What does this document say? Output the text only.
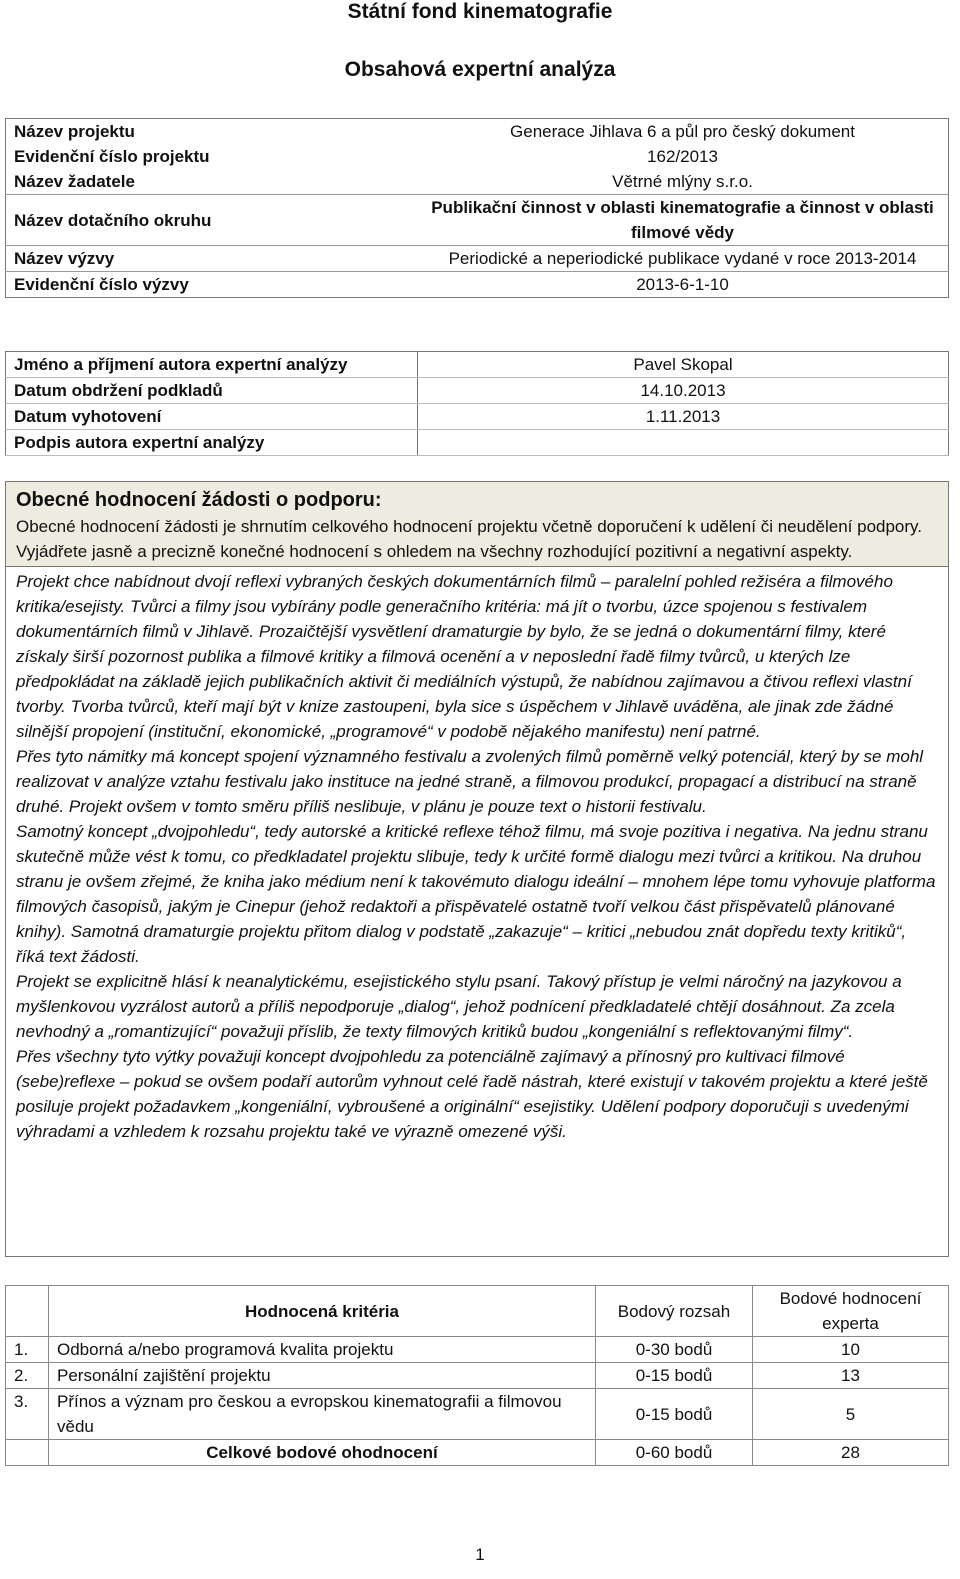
Státní fond kinematografie
Obsahová expertní analýza
Název projektu	Generace Jihlava 6 a půl pro český dokument
Evidenční číslo projektu	162/2013
Název žadatele	Větrné mlýny s.r.o.
Název dotačního okruhu	Publikační činnost v oblasti kinematografie a činnost v oblasti filmové vědy
Název výzvy	Periodické a neperiodické publikace vydané v roce 2013-2014
Evidenční číslo výzvy	2013-6-1-10
Jméno a příjmení autora expertní analýzy	Pavel Skopal
Datum obdržení podkladů	14.10.2013
Datum vyhotovení	1.11.2013
Podpis autora expertní analýzy	
Obecné hodnocení žádosti o podporu:
Obecné hodnocení žádosti je shrnutím celkového hodnocení projektu včetně doporučení k udělení či neudělení podpory. Vyjádřete jasně a precizně konečné hodnocení s ohledem na všechny rozhodující pozitivní a negativní aspekty.

Projekt chce nabídnout dvojí reflexi vybraných českých dokumentárních filmů – paralelní pohled režiséra a filmového kritika/esejisty. Tvůrci a filmy jsou vybírány podle generačního kritéria: má jít o tvorbu, úzce spojenou s festivalem dokumentárních filmů v Jihlavě. Prozaičtější vysvětlení dramaturgie by bylo, že se jedná o dokumentární filmy, které získaly širší pozornost publika a filmové kritiky a filmová ocenění a v neposlední řadě filmy tvůrců, u kterých lze předpokládat na základě jejich publikačních aktivit či mediálních výstupů, že nabídnou zajímavou a čtivou reflexi vlastní tvorby. Tvorba tvůrců, kteří mají být v knize zastoupeni, byla sice s úspěchem v Jihlavě uváděna, ale jinak zde žádné silnější propojení (instituční, ekonomické, „programové“ v podobě nějakého manifestu) není patrné.

Přes tyto námitky má koncept spojení významného festivalu a zvolených filmů poměrně velký potenciál, který by se mohl realizovat v analýze vztahu festivalu jako instituce na jedné straně, a filmovou produkcí, propagací a distribucí na straně druhé. Projekt ovšem v tomto směru příliš neslibuje, v plánu je pouze text o historii festivalu.

Samotný koncept „dvojpohledu“, tedy autorské a kritické reflexe téhož filmu, má svoje pozitiva i negativa. Na jednu stranu skutečně může vést k tomu, co předkladatel projektu slibuje, tedy k určité formě dialogu mezi tvůrci a kritikou. Na druhou stranu je ovšem zřejmé, že kniha jako médium není k takovémuto dialogu ideální – mnohem lépe tomu vyhovuje platforma filmových časopisů, jakým je Cinepur (jehož redaktoři a přispěvatelé ostatně tvoří velkou část přispěvatelů plánované knihy). Samotná dramaturgie projektu přitom dialog v podstatě „zakazuje“ – kritici „nebudou znát dopředu texty kritiků“, říká text žádosti.

Projekt se explicitně hlásí k neanalytickému, esejistického stylu psaní. Takový přístup je velmi náročný na jazykovou a myšlenkovou vyzrálost autorů a příliš nepodporuje „dialog“, jehož podnícení předkladatelé chtějí dosáhnout. Za zcela nevhodný a „romantizující“ považuji příslib, že texty filmových kritiků budou „kongeniální s reflektovanými filmy“.

Přes všechny tyto výtky považuji koncept dvojpohledu za potenciálně zajímavý a přínosný pro kultivaci filmové (sebe)reflexe – pokud se ovšem podaří autorům vyhnout celé řadě nástrah, které existují v takovém projektu a které ještě posiluje projekt požadavkem „kongeniální, vybroušené a originální“ esejistiky. Udělení podpory doporučuji s uvedenými výhradami a vzhledem k rozsahu projektu také ve výrazně omezené výši.

	Hodnocená kritéria	Bodový rozsah	Bodové hodnocení experta
1.	Odborná a/nebo programová kvalita projektu	0-30 bodů	10
2.	Personální zajištění projektu	0-15 bodů	13
3.	Přínos a význam pro českou a evropskou kinematografii a filmovou vědu	0-15 bodů	5
	Celkové bodové ohodnocení	0-60 bodů	28
1
